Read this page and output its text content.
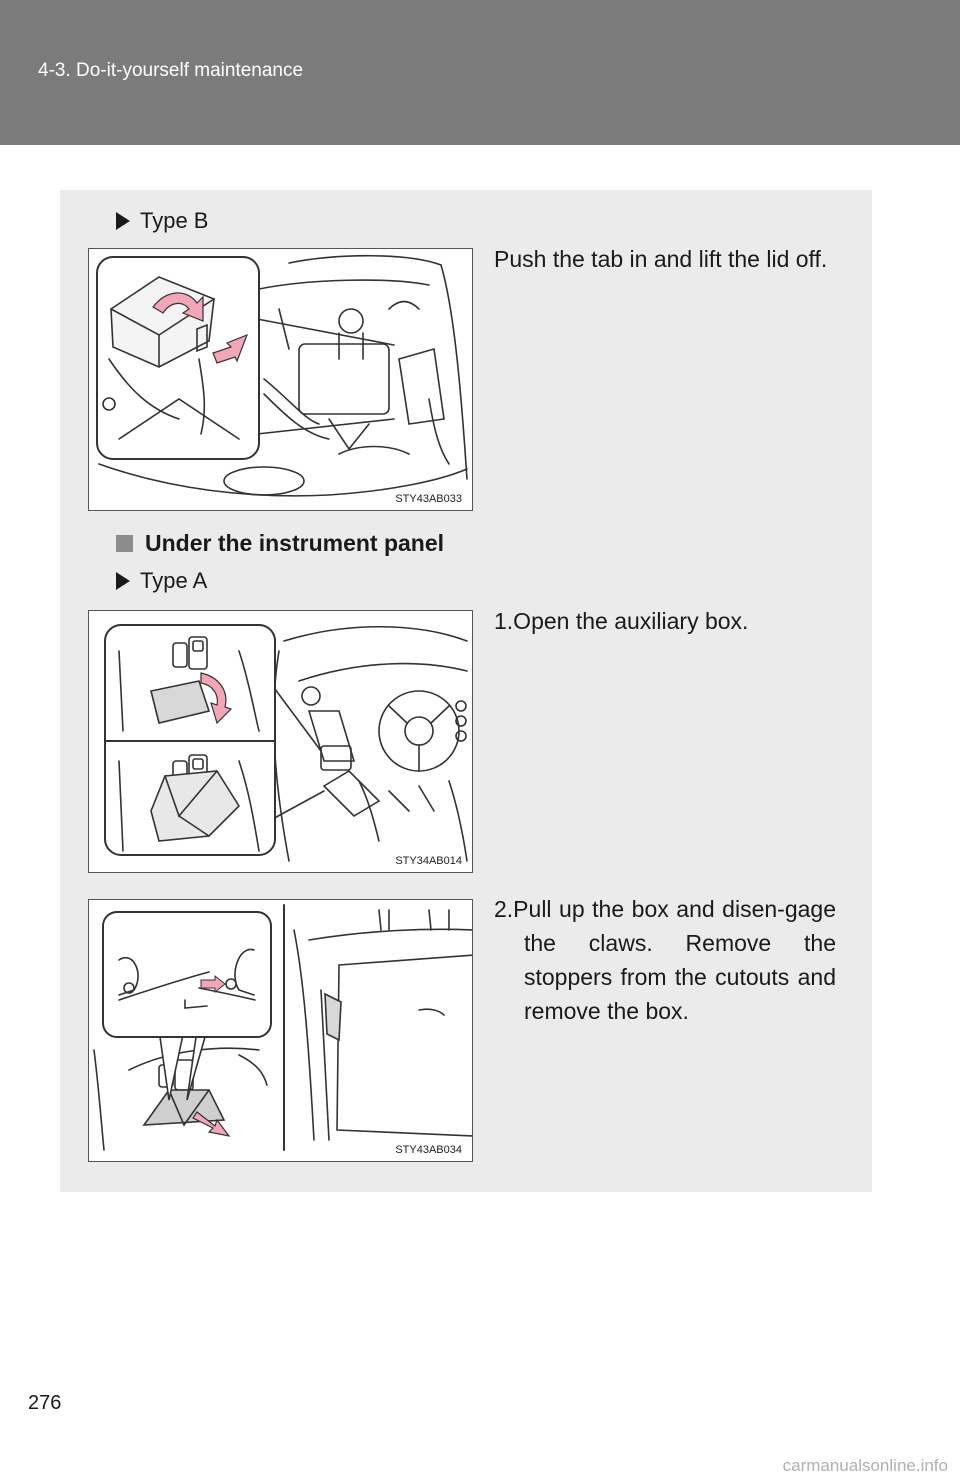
4-3. Do-it-yourself maintenance
Type B
STY43AB033
Push the tab in and lift the lid off.
Under the instrument panel
Type A
STY34AB014
1.Open the auxiliary box.
STY43AB034
2.Pull up the box and disen-gage the claws. Remove the stoppers from the cutouts and remove the box.
276
carmanualsonline.info
